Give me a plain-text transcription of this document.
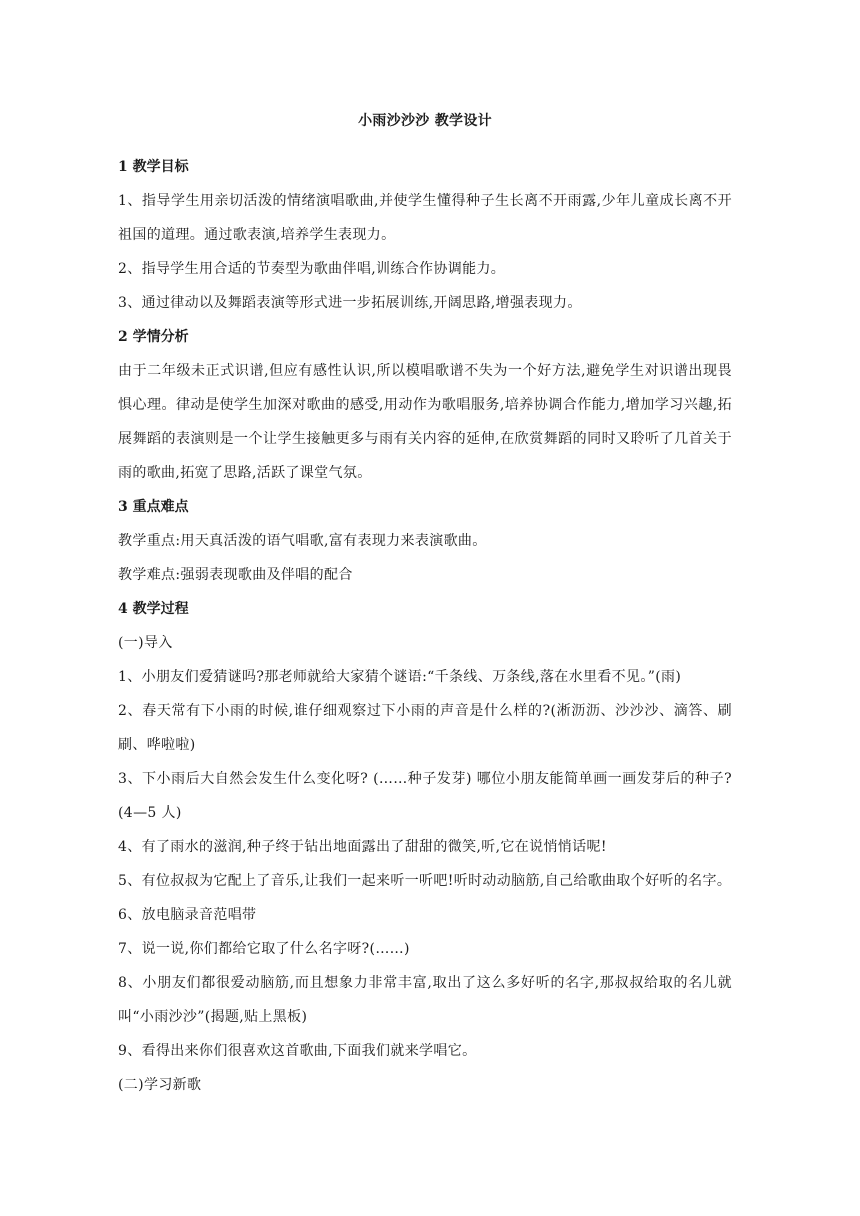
小雨沙沙沙 教学设计

1 教学目标

1、指导学生用亲切活泼的情绪演唱歌曲,并使学生懂得种子生长离不开雨露,少年儿童成长离不开祖国的道理。通过歌表演,培养学生表现力。

2、指导学生用合适的节奏型为歌曲伴唱,训练合作协调能力。

3、通过律动以及舞蹈表演等形式进一步拓展训练,开阔思路,增强表现力。

2 学情分析

由于二年级未正式识谱,但应有感性认识,所以模唱歌谱不失为一个好方法,避免学生对识谱出现畏惧心理。律动是使学生加深对歌曲的感受,用动作为歌唱服务,培养协调合作能力,增加学习兴趣,拓展舞蹈的表演则是一个让学生接触更多与雨有关内容的延伸,在欣赏舞蹈的同时又聆听了几首关于雨的歌曲,拓宽了思路,活跃了课堂气氛。

3 重点难点

教学重点:用天真活泼的语气唱歌,富有表现力来表演歌曲。

教学难点:强弱表现歌曲及伴唱的配合

4 教学过程

(一)导入

1、小朋友们爱猜谜吗?那老师就给大家猜个谜语:“千条线、万条线,落在水里看不见。”(雨)

2、春天常有下小雨的时候,谁仔细观察过下小雨的声音是什么样的?(淅沥沥、沙沙沙、滴答、刷刷、哗啦啦)

3、下小雨后大自然会发生什么变化呀? (……种子发芽) 哪位小朋友能简单画一画发芽后的种子? (4—5 人)

4、有了雨水的滋润,种子终于钻出地面露出了甜甜的微笑,听,它在说悄悄话呢!

5、有位叔叔为它配上了音乐,让我们一起来听一听吧!听时动动脑筋,自己给歌曲取个好听的名字。

6、放电脑录音范唱带

7、说一说,你们都给它取了什么名字呀?(……)

8、小朋友们都很爱动脑筋,而且想象力非常丰富,取出了这么多好听的名字,那叔叔给取的名儿就叫“小雨沙沙”(揭题,贴上黑板)

9、看得出来你们很喜欢这首歌曲,下面我们就来学唱它。

(二)学习新歌
